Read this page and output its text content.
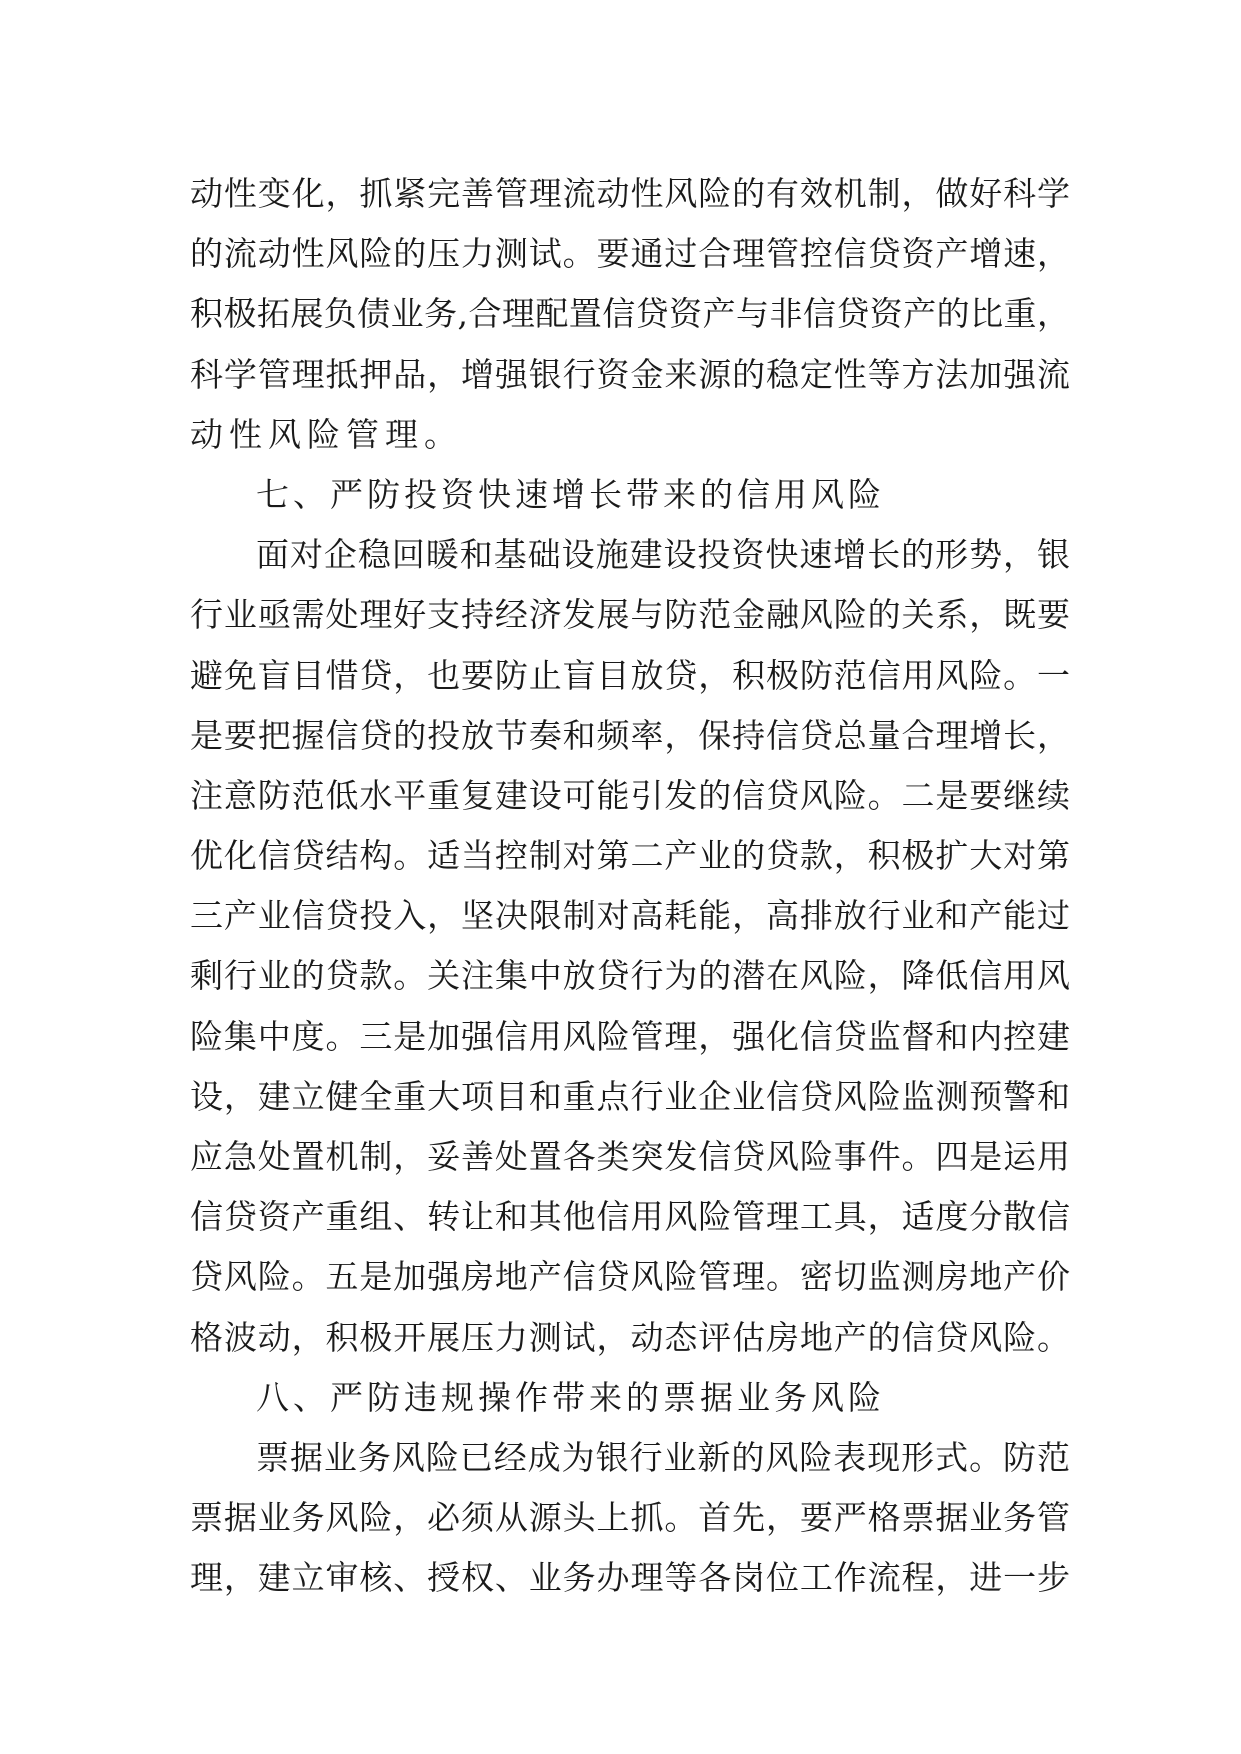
动性变化，抓紧完善管理流动性风险的有效机制，做好科学
的流动性风险的压力测试。要通过合理管控信贷资产增速，
积极拓展负债业务,合理配置信贷资产与非信贷资产的比重，
科学管理抵押品，增强银行资金来源的稳定性等方法加强流
动性风险管理。
七、严防投资快速增长带来的信用风险
面对企稳回暖和基础设施建设投资快速增长的形势，银
行业亟需处理好支持经济发展与防范金融风险的关系，既要
避免盲目惜贷，也要防止盲目放贷，积极防范信用风险。一
是要把握信贷的投放节奏和频率，保持信贷总量合理增长，
注意防范低水平重复建设可能引发的信贷风险。二是要继续
优化信贷结构。适当控制对第二产业的贷款，积极扩大对第
三产业信贷投入，坚决限制对高耗能，高排放行业和产能过
剩行业的贷款。关注集中放贷行为的潜在风险，降低信用风
险集中度。三是加强信用风险管理，强化信贷监督和内控建
设，建立健全重大项目和重点行业企业信贷风险监测预警和
应急处置机制，妥善处置各类突发信贷风险事件。四是运用
信贷资产重组、转让和其他信用风险管理工具，适度分散信
贷风险。五是加强房地产信贷风险管理。密切监测房地产价
格波动，积极开展压力测试，动态评估房地产的信贷风险。
八、严防违规操作带来的票据业务风险
票据业务风险已经成为银行业新的风险表现形式。防范
票据业务风险，必须从源头上抓。首先，要严格票据业务管
理，建立审核、授权、业务办理等各岗位工作流程，进一步
